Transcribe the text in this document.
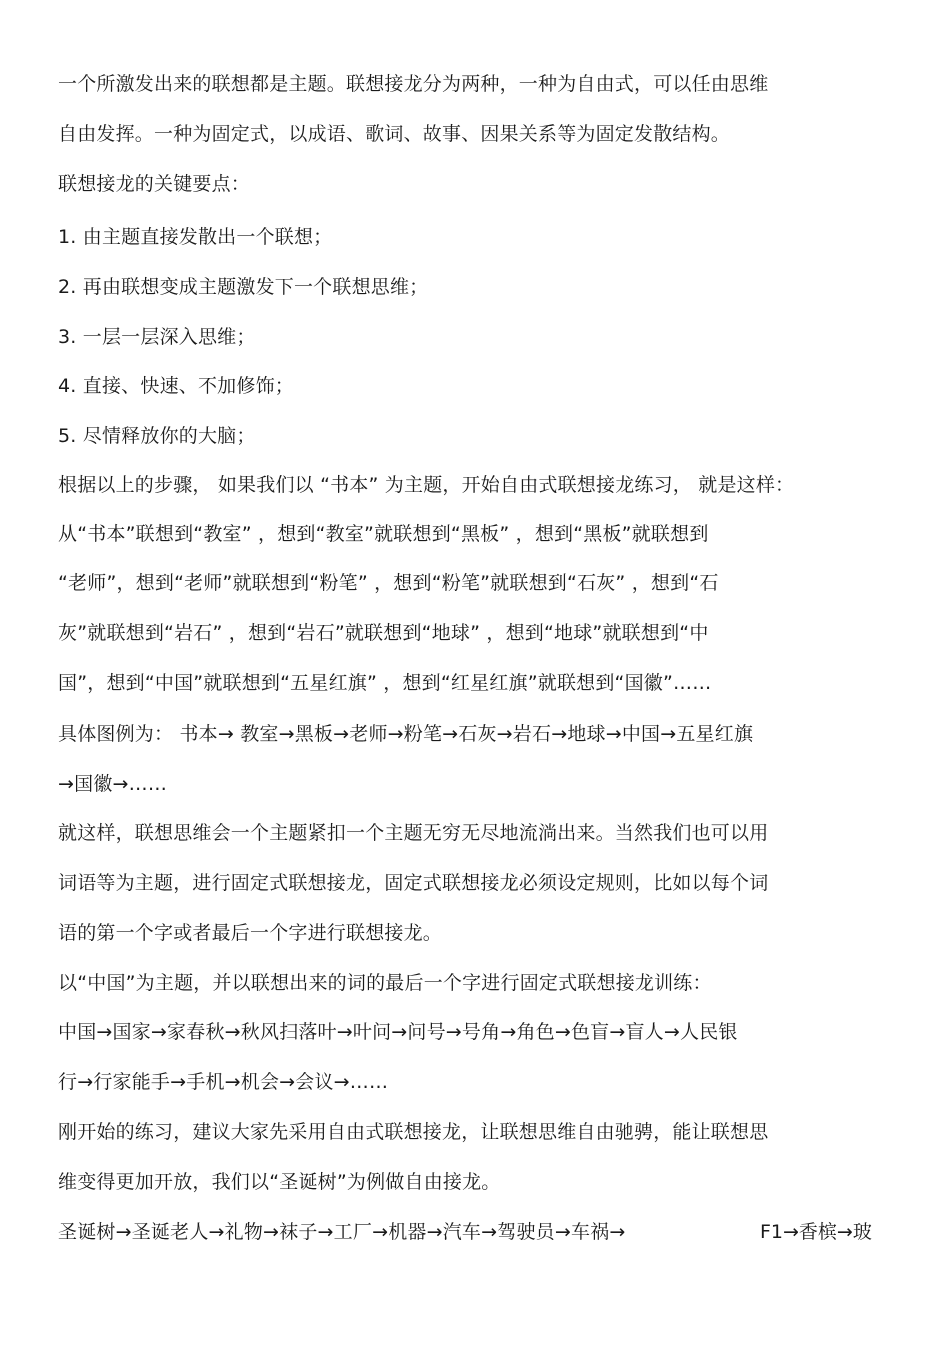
一个所激发出来的联想都是主题。联想接龙分为两种，一种为自由式，可以任由思维
自由发挥。一种为固定式，以成语、歌词、故事、因果关系等为固定发散结构。
联想接龙的关键要点：
1. 由主题直接发散出一个联想；
2. 再由联想变成主题激发下一个联想思维；
3. 一层一层深入思维；
4. 直接、快速、不加修饰；
5. 尽情释放你的大脑；
根据以上的步骤， 如果我们以 “书本” 为主题，开始自由式联想接龙练习， 就是这样：
从“书本”联想到“教室” ，想到“教室”就联想到“黑板” ，想到“黑板”就联想到
“老师”，想到“老师”就联想到“粉笔” ，想到“粉笔”就联想到“石灰” ，想到“石
灰”就联想到“岩石” ，想到“岩石”就联想到“地球” ，想到“地球”就联想到“中
国”，想到“中国”就联想到“五星红旗” ，想到“红星红旗”就联想到“国徽”……
具体图例为： 书本→ 教室→黑板→老师→粉笔→石灰→岩石→地球→中国→五星红旗
→国徽→……
就这样，联想思维会一个主题紧扣一个主题无穷无尽地流淌出来。当然我们也可以用
词语等为主题，进行固定式联想接龙，固定式联想接龙必须设定规则，比如以每个词
语的第一个字或者最后一个字进行联想接龙。
以“中国”为主题，并以联想出来的词的最后一个字进行固定式联想接龙训练：
中国→国家→家春秋→秋风扫落叶→叶问→问号→号角→角色→色盲→盲人→人民银
行→行家能手→手机→机会→会议→……
刚开始的练习，建议大家先采用自由式联想接龙，让联想思维自由驰骋，能让联想思
维变得更加开放，我们以“圣诞树”为例做自由接龙。
圣诞树→圣诞老人→礼物→袜子→工厂→机器→汽车→驾驶员→车祸→	F1→香槟→玻
